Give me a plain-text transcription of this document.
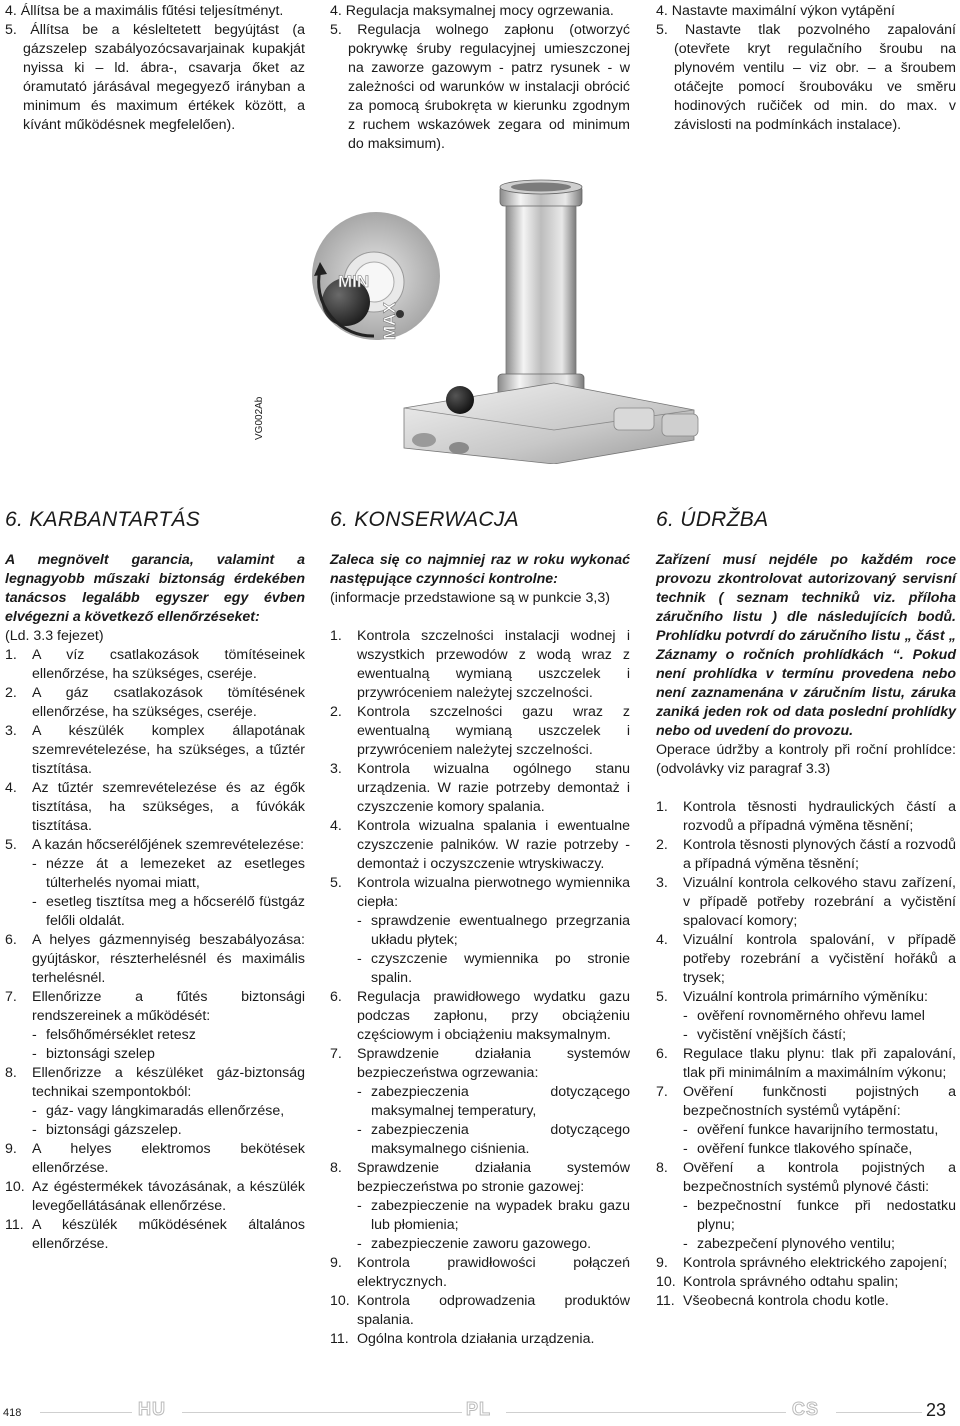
4. Állítsa be a maximális fűtési teljesítményt.

5. Állítsa be a késleltetett begyújtást (a gázszelep szabályozócsavarjainak kupakját nyissa ki – ld. ábra-, csavarja őket az óramutató járásával megegyező irányban a minimum és maximum értékek között, a kívánt működésnek megfelelően).

4. Regulacja maksymalnej mocy ogrzewania.

5. Regulacja wolnego zapłonu (otworzyć pokrywkę śruby regulacyjnej umieszczonej na zaworze gazowym - patrz rysunek - w zależności od warunków w instalacji obrócić za pomocą śrubokręta w kierunku zgodnym z ruchem wskazówek zegara od minimum do maksimum).

4. Nastavte maximální výkon vytápění

5. Nastavte tlak pozvolného zapalování (otevřete kryt regulačního šroubu na plynovém ventilu – viz obr. – a šroubem otáčejte pomocí šroubováku ve směru hodinových ručiček od min. do max. v závislosti na podmínkách instalace).

MIN
MAX
VG002Ab
6. KARBANTARTÁS	6. KONSERWACJA	6. ÚDRŽBA

A megnövelt garancia, valamint a legnagyobb műszaki biztonság érdekében tanácsos legalább egyszer egy évben elvégezni a következő ellenőrzéseket:

(Ld. 3.3 fejezet)

1. A víz csatlakozások tömítéseinek ellenőrzése, ha szükséges, cseréje.
2. A gáz csatlakozások tömítésének ellenőrzése, ha szükséges, cseréje.
3. A készülék komplex állapotának szemrevételezése, ha szükséges, a tűztér tisztítása.
4. Az tűztér szemrevételezése és az égők tisztítása, ha szükséges, a fúvókák tisztítása.
5. A kazán hőcserélőjének szemrevételezése:
- nézze át a lemezeket az esetleges túlterhelés nyomai miatt,
- esetleg tisztítsa meg a hőcserélő füstgáz felőli oldalát.
6. A helyes gázmennyiség beszabályozása: gyújtáskor, részterhelésnél és maximális terhelésnél.
7. Ellenőrizze a fűtés biztonsági rendszereinek a működését:
- felsőhőmérséklet retesz
- biztonsági szelep
8. Ellenőrizze a készüléket gáz-biztonság technikai szempontokból:
- gáz- vagy lángkimaradás ellenőrzése,
- biztonsági gázszelep.
9. A helyes elektromos bekötések ellenőrzése.
10. Az égéstermékek távozásának, a készülék levegőellátásának ellenőrzése.
11. A készülék működésének általános ellenőrzése.

Zaleca się co najmniej raz w roku wykonać następujące czynności kontrolne:

(informacje przedstawione są w punkcie 3,3)

1. Kontrola szczelności instalacji wodnej i wszystkich przewodów z wodą wraz z ewentualną wymianą uszczelek i przywróceniem należytej szczelności.
2. Kontrola szczelności gazu wraz z ewentualną wymianą uszczelek i przywróceniem należytej szczelności.
3. Kontrola wizualna ogólnego stanu urządzenia. W razie potrzeby demontaż i czyszczenie komory spalania.
4. Kontrola wizualna spalania i ewentualne czyszczenie palników. W razie potrzeby - demontaż i oczyszczenie wtryskiwaczy.
5. Kontrola wizualna pierwotnego wymiennika ciepła:
- sprawdzenie ewentualnego przegrzania układu płytek;
- czyszczenie wymiennika po stronie spalin.
6. Regulacja prawidłowego wydatku gazu podczas zapłonu, przy obciążeniu częściowym i obciążeniu maksymalnym.
7. Sprawdzenie działania systemów bezpieczeństwa ogrzewania:
- zabezpieczenia dotyczącego maksymalnej temperatury,
- zabezpieczenia dotyczącego maksymalnego ciśnienia.
8. Sprawdzenie działania systemów bezpieczeństwa po stronie gazowej:
- zabezpieczenie na wypadek braku gazu lub płomienia;
- zabezpieczenie zaworu gazowego.
9. Kontrola prawidłowości połączeń elektrycznych.
10. Kontrola odprowadzenia produktów spalania.
11. Ogólna kontrola działania urządzenia.

Zařízení musí nejdéle po každém roce provozu zkontrolovat autorizovaný servisní technik ( seznam techniků viz. příloha záručního listu ) dle následujících bodů. Prohlídku potvrdí do záručního listu „ část „ Záznamy o ročních prohlídkách “. Pokud není prohlídka v termínu provedena nebo není zaznamenána v záručním listu, záruka zaniká jeden rok od data poslední prohlídky nebo od uvedení do provozu.

Operace údržby a kontroly při roční prohlídce: (odvolávky viz paragraf 3.3)

1. Kontrola těsnosti hydraulických částí a rozvodů a případná výměna těsnění;
2. Kontrola těsnosti plynových částí a rozvodů a případná výměna těsnění;
3. Vizuální kontrola celkového stavu zařízení, v případě potřeby rozebrání a vyčistění spalovací komory;
4. Vizuální kontrola spalování, v případě potřeby rozebrání a vyčistění hořáků a trysek;
5. Vizuální kontrola primárního výměníku:
- ověření rovnoměrného ohřevu lamel
- vyčistění vnějších částí;
6. Regulace tlaku plynu: tlak při zapalování, tlak při minimálním a maximálním výkonu;
7. Ověření funkčnosti pojistných a bezpečnostních systémů vytápění:
- ověření funkce havarijního termostatu,
- ověření funkce tlakového spínače,
8. Ověření a kontrola pojistných a bezpečnostních systémů plynové části:
- bezpečnostní funkce při nedostatku plynu;
- zabezpečení plynového ventilu;
9. Kontrola správného elektrického zapojení;
10. Kontrola správného odtahu spalin;
11. Všeobecná kontrola chodu kotle.
418	HU	PL	CS	23
